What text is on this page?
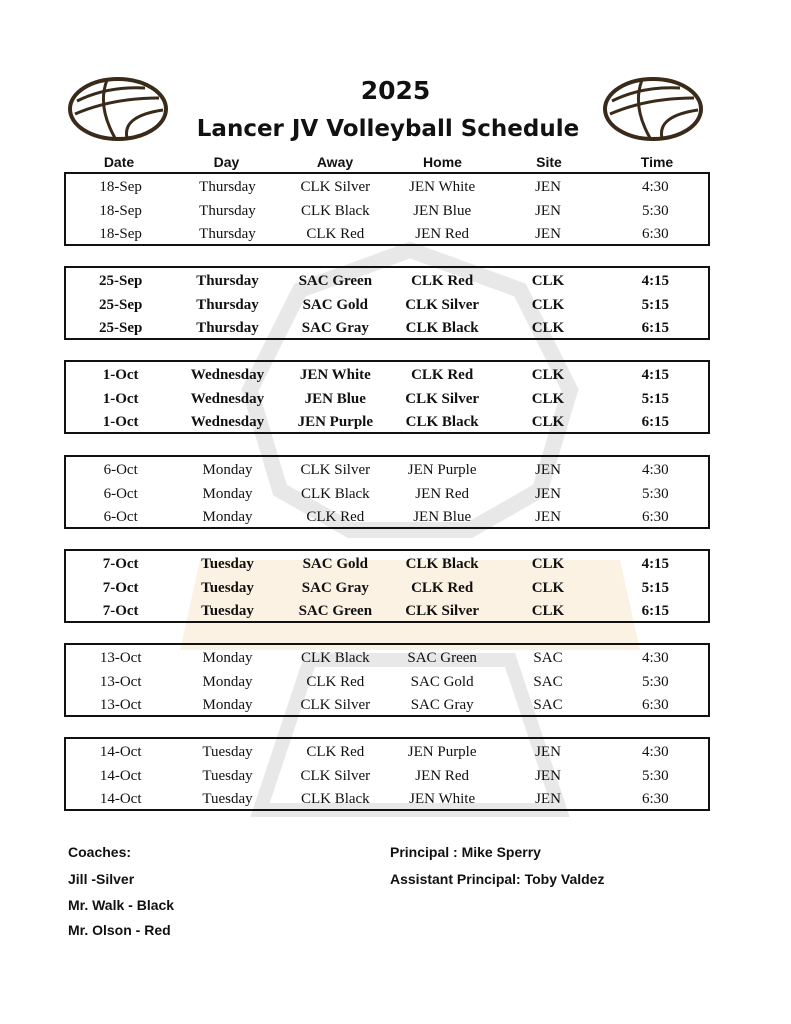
2025
Lancer JV Volleyball Schedule
Date	Day	Away	Home	Site	Time
18-Sep	Thursday	CLK Silver	JEN White	JEN	4:30
18-Sep	Thursday	CLK Black	JEN Blue	JEN	5:30
18-Sep	Thursday	CLK Red	JEN Red	JEN	6:30
25-Sep	Thursday	SAC Green	CLK Red	CLK	4:15
25-Sep	Thursday	SAC Gold	CLK Silver	CLK	5:15
25-Sep	Thursday	SAC Gray	CLK Black	CLK	6:15
1-Oct	Wednesday	JEN White	CLK Red	CLK	4:15
1-Oct	Wednesday	JEN Blue	CLK Silver	CLK	5:15
1-Oct	Wednesday	JEN Purple	CLK Black	CLK	6:15
6-Oct	Monday	CLK Silver	JEN Purple	JEN	4:30
6-Oct	Monday	CLK Black	JEN Red	JEN	5:30
6-Oct	Monday	CLK Red	JEN Blue	JEN	6:30
7-Oct	Tuesday	SAC Gold	CLK Black	CLK	4:15
7-Oct	Tuesday	SAC Gray	CLK Red	CLK	5:15
7-Oct	Tuesday	SAC Green	CLK Silver	CLK	6:15
13-Oct	Monday	CLK Black	SAC Green	SAC	4:30
13-Oct	Monday	CLK Red	SAC Gold	SAC	5:30
13-Oct	Monday	CLK Silver	SAC Gray	SAC	6:30
14-Oct	Tuesday	CLK Red	JEN Purple	JEN	4:30
14-Oct	Tuesday	CLK Silver	JEN Red	JEN	5:30
14-Oct	Tuesday	CLK Black	JEN White	JEN	6:30
Coaches:
Jill -Silver
Mr. Walk - Black
Mr. Olson - Red
Principal : Mike Sperry
Assistant Principal: Toby Valdez
